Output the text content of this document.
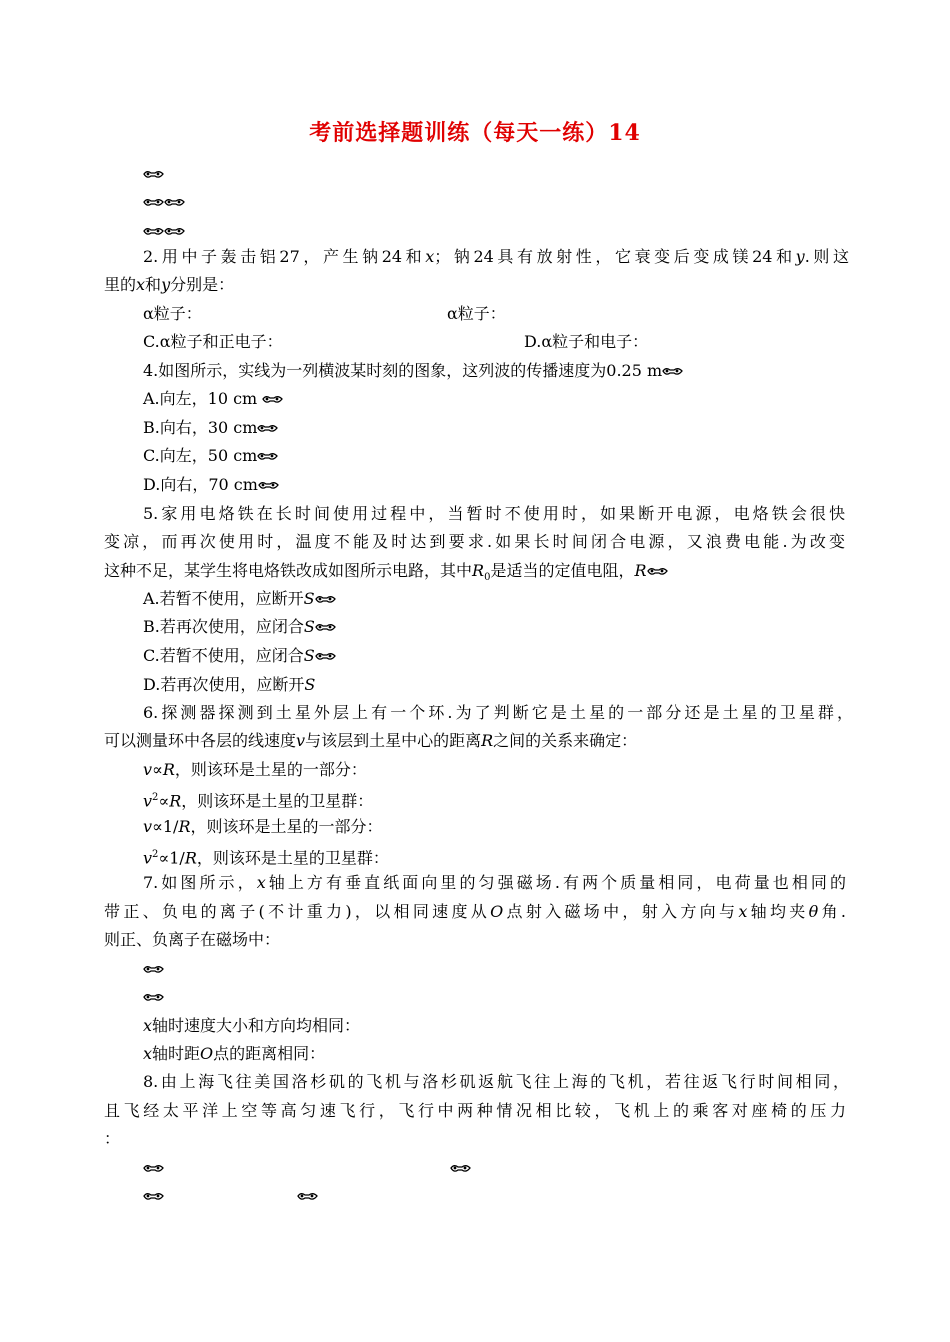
考前选择题训练（每天一练）14
2.用中子轰击铝27，产生钠24和x；钠24具有放射性，它衰变后变成镁24和y.则这
里的x和y分别是：
α粒子：	α粒子：
C.α粒子和正电子：	D.α粒子和电子：
4.如图所示，实线为一列横波某时刻的图象，这列波的传播速度为0.25 m
A.向左，10 cm
B.向右，30 cm
C.向左，50 cm
D.向右，70 cm
5.家用电烙铁在长时间使用过程中，当暂时不使用时，如果断开电源，电烙铁会很快
变凉，而再次使用时，温度不能及时达到要求.如果长时间闭合电源，又浪费电能.为改变
这种不足，某学生将电烙铁改成如图所示电路，其中$R_0$是适当的定值电阻，R
A.若暂不使用，应断开S
B.若再次使用，应闭合S
C.若暂不使用，应闭合S
D.若再次使用，应断开S
6.探测器探测到土星外层上有一个环.为了判断它是土星的一部分还是土星的卫星群，
可以测量环中各层的线速度v与该层到土星中心的距离R之间的关系来确定：
v∝R，则该环是土星的一部分：
$v^2\propto R$，则该环是土星的卫星群：
v∝1/R，则该环是土星的一部分：
$v^2\propto 1/R$，则该环是土星的卫星群：
7.如图所示，x轴上方有垂直纸面向里的匀强磁场.有两个质量相同，电荷量也相同的
带正、负电的离子(不计重力)，以相同速度从O点射入磁场中，射入方向与x轴均夹θ角.
则正、负离子在磁场中：
x轴时速度大小和方向均相同：
x轴时距O点的距离相同：
8.由上海飞往美国洛杉矶的飞机与洛杉矶返航飞往上海的飞机，若往返飞行时间相同，
且飞经太平洋上空等高匀速飞行，飞行中两种情况相比较，飞机上的乘客对座椅的压力
：
